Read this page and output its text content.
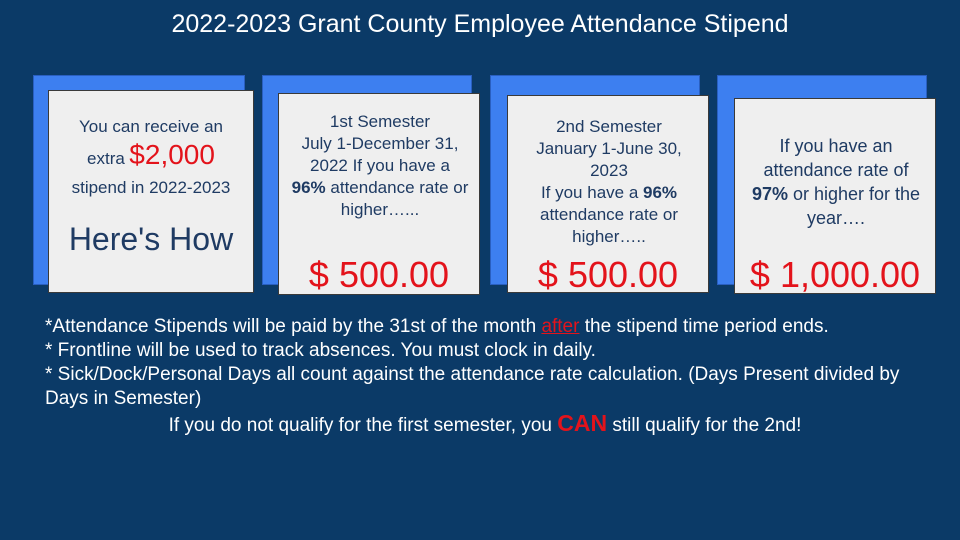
2022-2023 Grant County Employee Attendance Stipend
You can receive an
extra $2,000
stipend in 2022-2023
Here's How
1st Semester
July 1-December 31, 2022 If you have a 96% attendance rate or higher…...
$ 500.00
2nd Semester
January 1-June 30, 2023
If you have a 96%
attendance rate or higher…..
$ 500.00
If you have an attendance rate of 97% or higher for the year….
$ 1,000.00

*Attendance Stipends will be paid by the 31st of the month after the stipend time period ends.

* Frontline will be used to track absences. You must clock in daily.

* Sick/Dock/Personal Days all count against the attendance rate calculation. (Days Present divided by Days in Semester)

If you do not qualify for the first semester, you CAN still qualify for the 2nd!
